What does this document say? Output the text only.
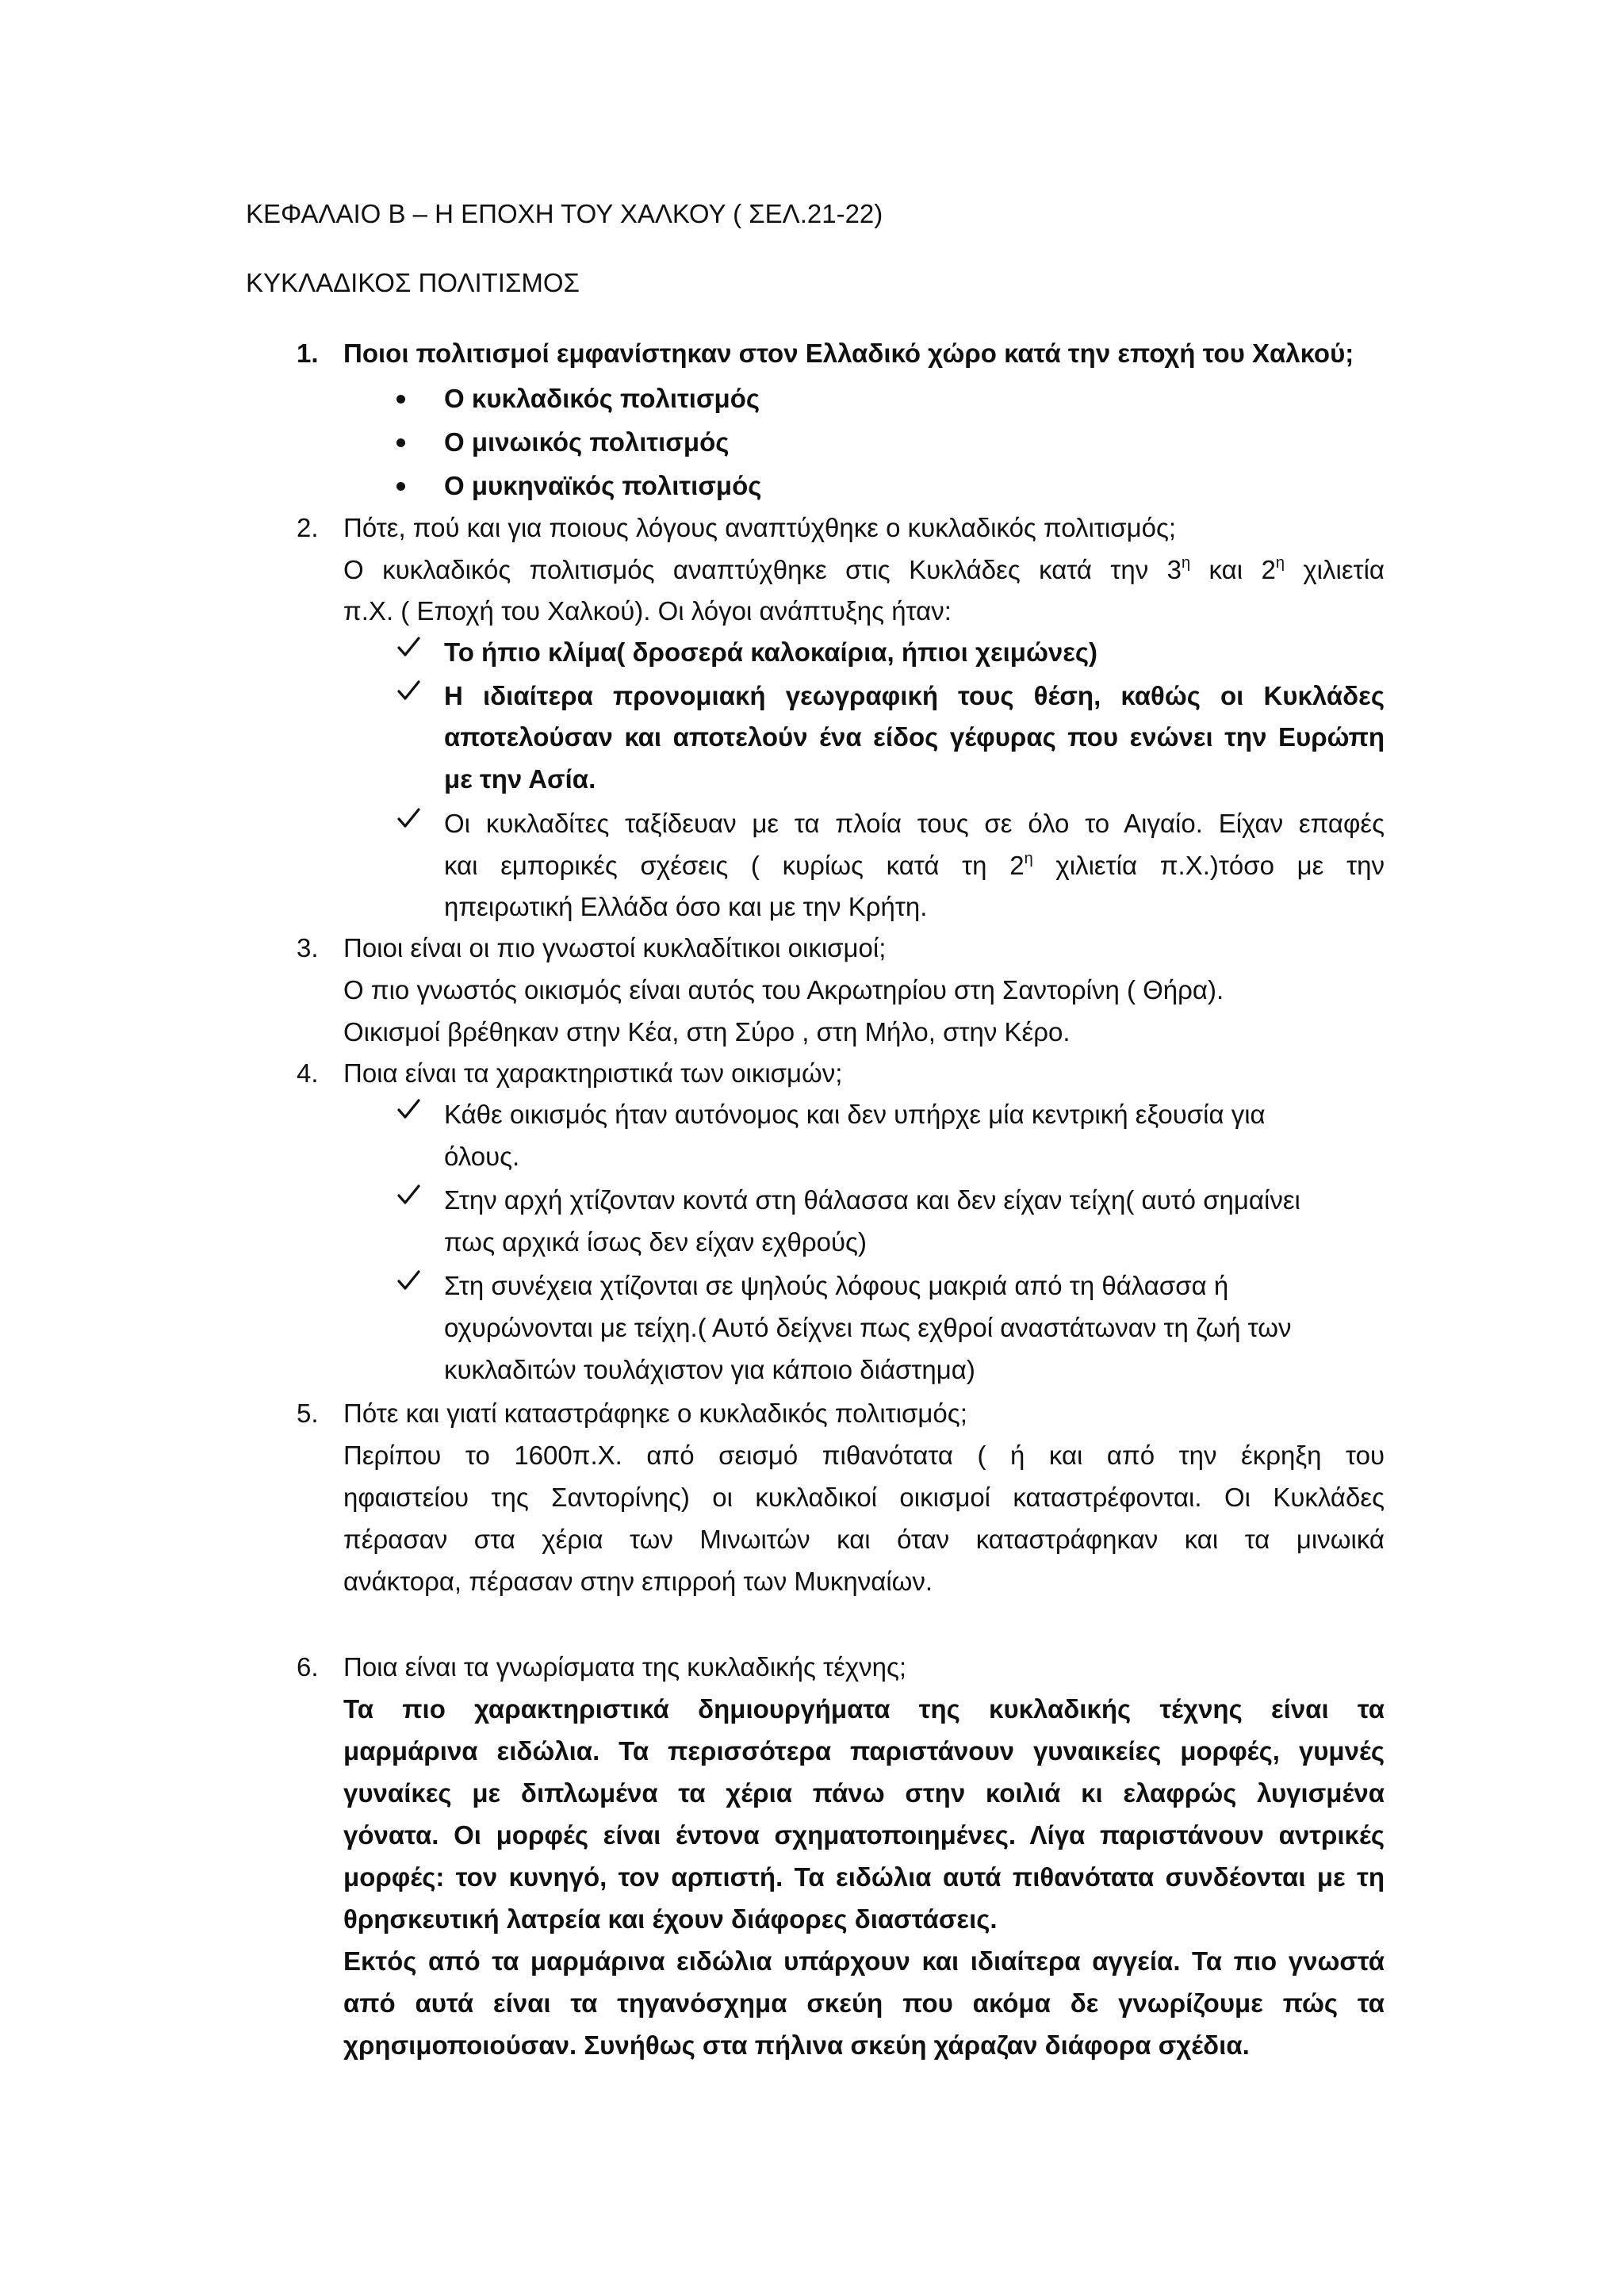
ΚΕΦΑΛΑΙΟ Β – Η ΕΠΟΧΗ ΤΟΥ ΧΑΛΚΟΥ ( ΣΕΛ.21-22)
ΚΥΚΛΑΔΙΚΟΣ ΠΟΛΙΤΙΣΜΟΣ
1. Ποιοι πολιτισμοί εμφανίστηκαν στον Ελλαδικό χώρο κατά την εποχή του Χαλκού;
Ο κυκλαδικός πολιτισμός
Ο μινωικός πολιτισμός
Ο μυκηναϊκός πολιτισμός
2. Πότε, πού και για ποιους λόγους αναπτύχθηκε ο κυκλαδικός πολιτισμός;
Ο κυκλαδικός πολιτισμός αναπτύχθηκε στις Κυκλάδες κατά την $3^\eta$ και $2^\eta$ χιλιετία
π.Χ. ( Εποχή του Χαλκού). Οι λόγοι ανάπτυξης ήταν:
Το ήπιο κλίμα( δροσερά καλοκαίρια, ήπιοι χειμώνες)
Η ιδιαίτερα προνομιακή γεωγραφική τους θέση, καθώς οι Κυκλάδες
αποτελούσαν και αποτελούν ένα είδος γέφυρας που ενώνει την Ευρώπη
με την Ασία.
Οι κυκλαδίτες ταξίδευαν με τα πλοία τους σε όλο το Αιγαίο. Είχαν επαφές
και εμπορικές σχέσεις ( κυρίως κατά τη $2^\eta$ χιλιετία π.Χ.)τόσο με την
ηπειρωτική Ελλάδα όσο και με την Κρήτη.
3. Ποιοι είναι οι πιο γνωστοί κυκλαδίτικοι οικισμοί;
Ο πιο γνωστός οικισμός είναι αυτός του Ακρωτηρίου στη Σαντορίνη ( Θήρα).
Οικισμοί βρέθηκαν στην Κέα, στη Σύρο , στη Μήλο, στην Κέρο.
4. Ποια είναι τα χαρακτηριστικά των οικισμών;
Κάθε οικισμός ήταν αυτόνομος και δεν υπήρχε μία κεντρική εξουσία για
όλους.
Στην αρχή χτίζονταν κοντά στη θάλασσα και δεν είχαν τείχη( αυτό σημαίνει
πως αρχικά ίσως δεν είχαν εχθρούς)
Στη συνέχεια χτίζονται σε ψηλούς λόφους μακριά από τη θάλασσα ή
οχυρώνονται με τείχη.( Αυτό δείχνει πως εχθροί αναστάτωναν τη ζωή των
κυκλαδιτών τουλάχιστον για κάποιο διάστημα)
5. Πότε και γιατί καταστράφηκε ο κυκλαδικός πολιτισμός;
Περίπου το 1600π.Χ. από σεισμό πιθανότατα ( ή και από την έκρηξη του
ηφαιστείου της Σαντορίνης) οι κυκλαδικοί οικισμοί καταστρέφονται. Οι Κυκλάδες
πέρασαν στα χέρια των Μινωιτών και όταν καταστράφηκαν και τα μινωικά
ανάκτορα, πέρασαν στην επιρροή των Μυκηναίων.
6. Ποια είναι τα γνωρίσματα της κυκλαδικής τέχνης;
Τα πιο χαρακτηριστικά δημιουργήματα της κυκλαδικής τέχνης είναι τα
μαρμάρινα ειδώλια. Τα περισσότερα παριστάνουν γυναικείες μορφές, γυμνές
γυναίκες με διπλωμένα τα χέρια πάνω στην κοιλιά κι ελαφρώς λυγισμένα
γόνατα. Οι μορφές είναι έντονα σχηματοποιημένες. Λίγα παριστάνουν αντρικές
μορφές: τον κυνηγό, τον αρπιστή. Τα ειδώλια αυτά πιθανότατα συνδέονται με τη
θρησκευτική λατρεία και έχουν διάφορες διαστάσεις.
Εκτός από τα μαρμάρινα ειδώλια υπάρχουν και ιδιαίτερα αγγεία. Τα πιο γνωστά
από αυτά είναι τα τηγανόσχημα σκεύη που ακόμα δε γνωρίζουμε πώς τα
χρησιμοποιούσαν. Συνήθως στα πήλινα σκεύη χάραζαν διάφορα σχέδια.
